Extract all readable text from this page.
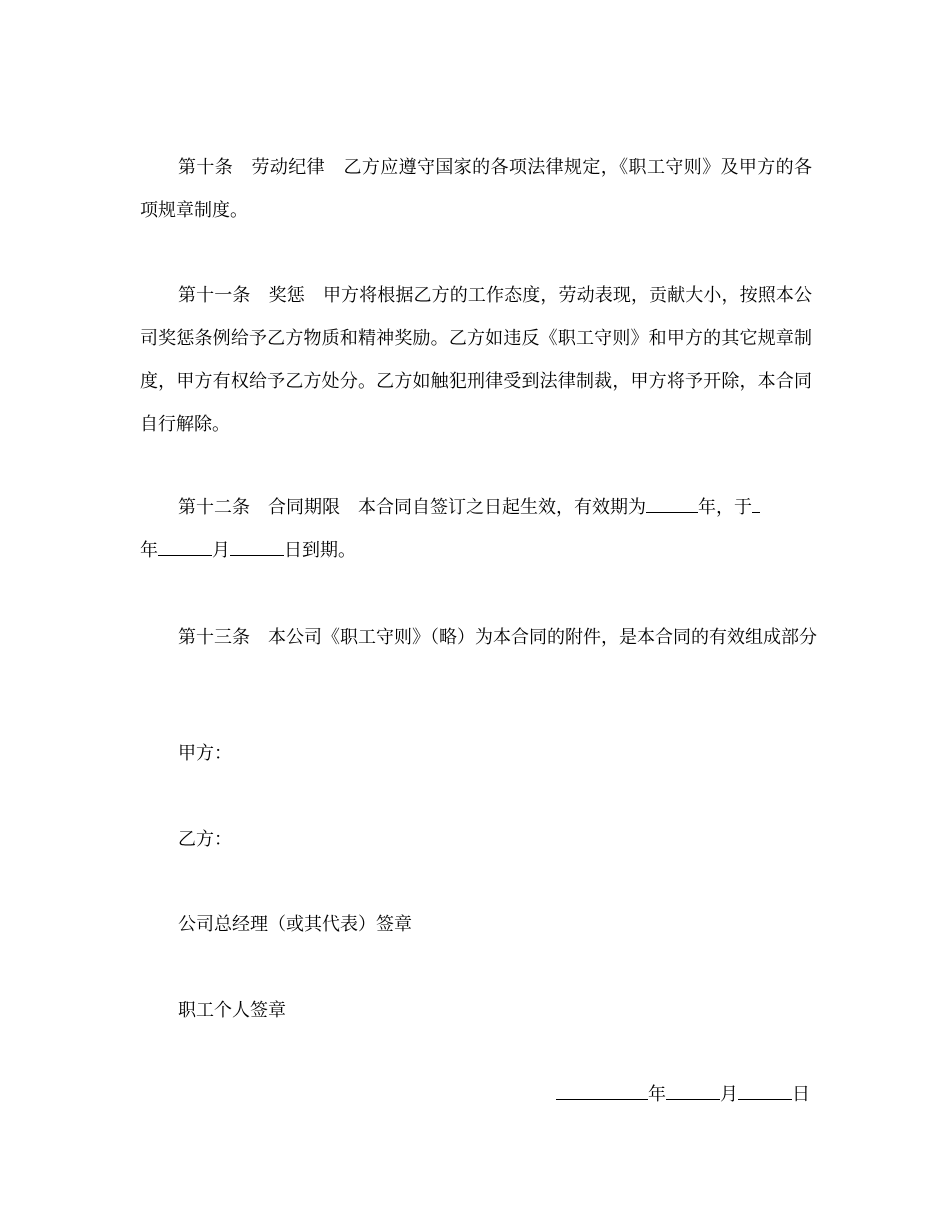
第十条　劳动纪律　乙方应遵守国家的各项法律规定，《职工守则》及甲方的各项规章制度。

第十一条　奖惩　甲方将根据乙方的工作态度，劳动表现，贡献大小，按照本公司奖惩条例给予乙方物质和精神奖励。乙方如违反《职工守则》和甲方的其它规章制度，甲方有权给予乙方处分。乙方如触犯刑律受到法律制裁，甲方将予开除，本合同自行解除。

第十二条　合同期限　本合同自签订之日起生效，有效期为	年，于
年	月	日到期。

第十三条　本公司《职工守则》（略）为本合同的附件，是本合同的有效组成部分

甲方：

乙方：

公司总经理（或其代表）签章

职工个人签章

年	月	日
